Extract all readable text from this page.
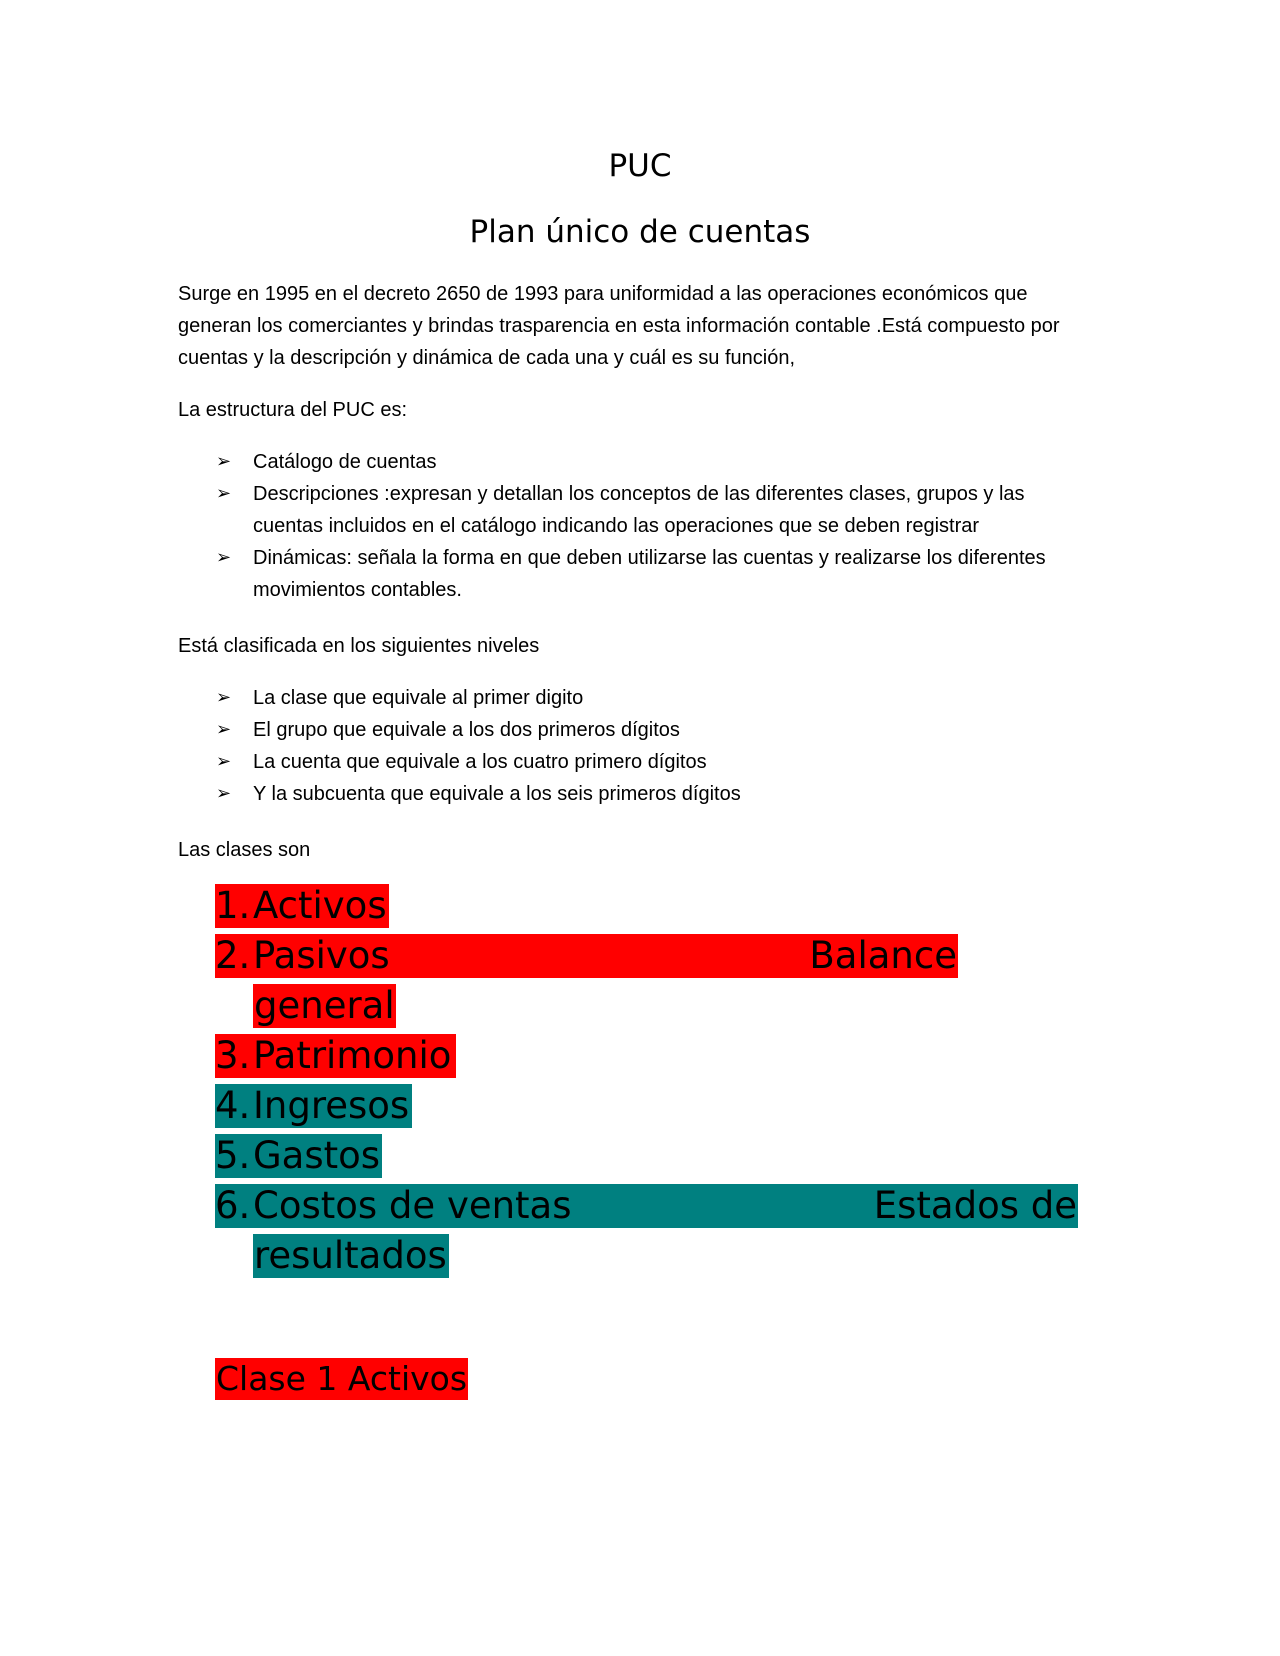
PUC
Plan único de cuentas
Surge en 1995 en el decreto 2650 de 1993 para uniformidad a las operaciones económicos que generan los comerciantes y brindas trasparencia en esta información contable .Está compuesto por cuentas y la descripción y dinámica de cada una y cuál es su función,
La estructura del PUC es:
➢ Catálogo de cuentas
➢ Descripciones :expresan y detallan los conceptos de las diferentes clases, grupos y las cuentas incluidos en el catálogo indicando las operaciones que se deben registrar
➢ Dinámicas: señala la forma en que deben utilizarse las cuentas y realizarse los diferentes movimientos contables.
Está clasificada en los siguientes niveles
➢ La clase que equivale al primer digito
➢ El grupo que equivale a los dos primeros dígitos
➢ La cuenta que equivale a los cuatro primero dígitos
➢ Y la subcuenta que equivale a los seis primeros dígitos
Las clases son
1. Activos
2. Pasivos	Balance
general
3. Patrimonio
4. Ingresos
5. Gastos
6. Costos de ventas	Estados de
resultados
Clase 1 Activos
